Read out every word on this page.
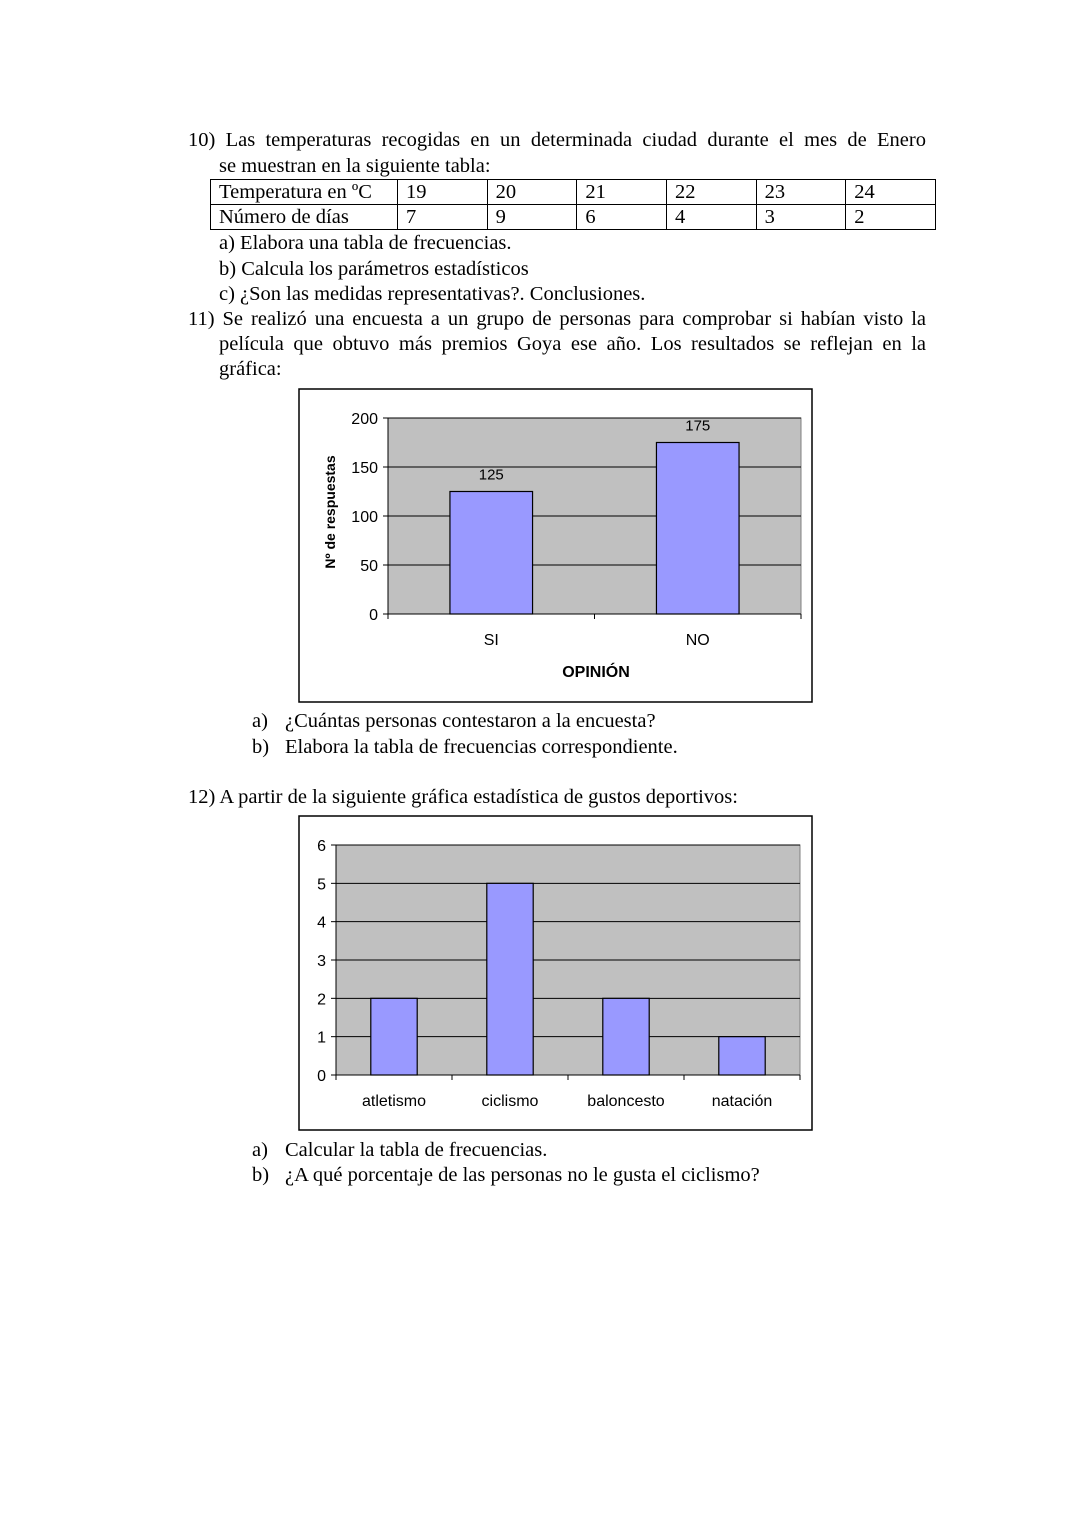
10) Las temperaturas recogidas en un determinada ciudad durante el mes de Enero
se muestran en la siguiente tabla:
Temperatura en ºC	19	20	21	22	23	24
Número de días	7	9	6	4	3	2
a) Elabora una tabla de frecuencias.
b) Calcula los parámetros estadísticos
c) ¿Son las medidas representativas?. Conclusiones.
11) Se realizó una encuesta a un grupo de personas para comprobar si habían visto la
película que obtuvo más premios Goya ese año. Los resultados se reflejan en la
gráfica:
0
50
100
150
200
SI
125
NO
175
OPINIÓN
Nº de respuestas
a) ¿Cuántas personas contestaron a la encuesta?
b) Elabora la tabla de frecuencias correspondiente.
12) A partir de la siguiente gráfica estadística de gustos deportivos:
0
1
2
3
4
5
6
atletismo	ciclismo	baloncesto	natación
a) Calcular la tabla de frecuencias.
b) ¿A qué porcentaje de las personas no le gusta el ciclismo?
